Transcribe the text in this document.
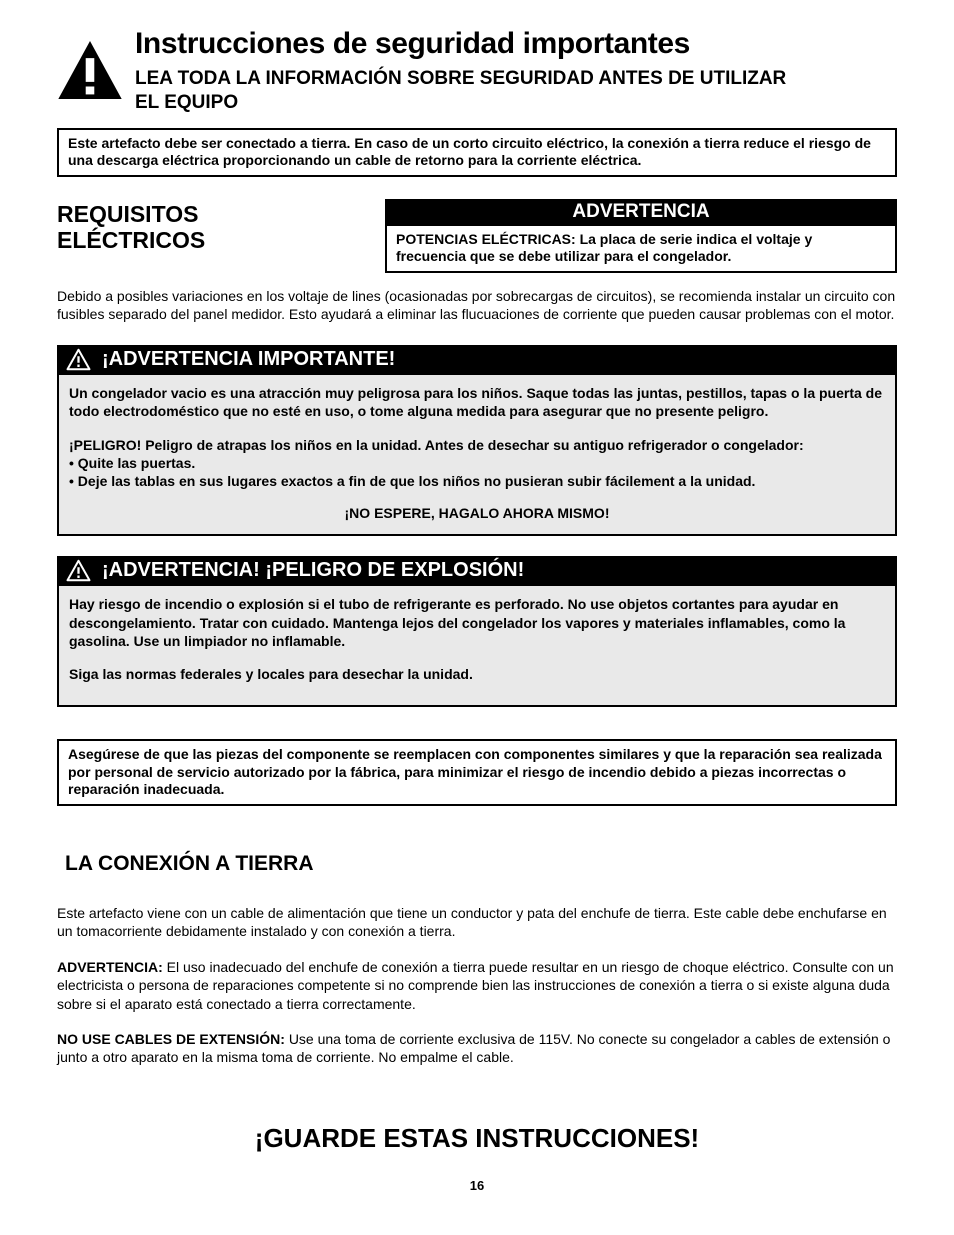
Instrucciones de seguridad importantes
LEA TODA LA INFORMACIÓN SOBRE SEGURIDAD ANTES DE UTILIZAR EL EQUIPO
Este artefacto debe ser conectado a tierra. En caso de un corto circuito eléctrico, la conexión a tierra reduce el riesgo de una descarga eléctrica proporcionando un cable de retorno para la corriente eléctrica.
REQUISITOS ELÉCTRICOS
ADVERTENCIA
POTENCIAS ELÉCTRICAS: La placa de serie indica el voltaje y frecuencia que se debe utilizar para el congelador.

Debido a posibles variaciones en los voltaje de lines (ocasionadas por sobrecargas de circuitos), se recomienda instalar un circuito con fusibles separado del panel medidor. Esto ayudará a eliminar las flucuaciones de corriente que pueden causar problemas con el motor.

¡ADVERTENCIA IMPORTANTE!

Un congelador vacio es una atracción muy peligrosa para los niños. Saque todas las juntas, pestillos, tapas o la puerta de todo electrodoméstico que no esté en uso, o tome alguna medida para asegurar que no presente peligro.

¡PELIGRO! Peligro de atrapas los niños en la unidad. Antes de desechar su antiguo refrigerador o congelador:

• Quite las puertas.

• Deje las tablas en sus lugares exactos a fin de que los niños no pusieran subir fácilement a la unidad.

¡NO ESPERE, HAGALO AHORA MISMO!

¡ADVERTENCIA! ¡PELIGRO DE EXPLOSIÓN!

Hay riesgo de incendio o explosión si el tubo de refrigerante es perforado. No use objetos cortantes para ayudar en descongelamiento. Tratar con cuidado. Mantenga lejos del congelador los vapores y materiales inflamables, como la gasolina. Use un limpiador no inflamable.

Siga las normas federales y locales para desechar la unidad.

Asegúrese de que las piezas del componente se reemplacen con componentes similares y que la reparación sea realizada por personal de servicio autorizado por la fábrica, para minimizar el riesgo de incendio debido a piezas incorrectas o reparación inadecuada.
LA CONEXIÓN A TIERRA

Este artefacto viene con un cable de alimentación que tiene un conductor y pata del enchufe de tierra. Este cable debe enchufarse en un tomacorriente debidamente instalado y con conexión a tierra.

ADVERTENCIA: El uso inadecuado del enchufe de conexión a tierra puede resultar en un riesgo de choque eléctrico. Consulte con un electricista o persona de reparaciones competente si no comprende bien las instrucciones de conexión a tierra o si existe alguna duda sobre si el aparato está conectado a tierra correctamente.

NO USE CABLES DE EXTENSIÓN: Use una toma de corriente exclusiva de 115V. No conecte su congelador a cables de extensión o junto a otro aparato en la misma toma de corriente. No empalme el cable.

¡GUARDE ESTAS INSTRUCCIONES!
16
